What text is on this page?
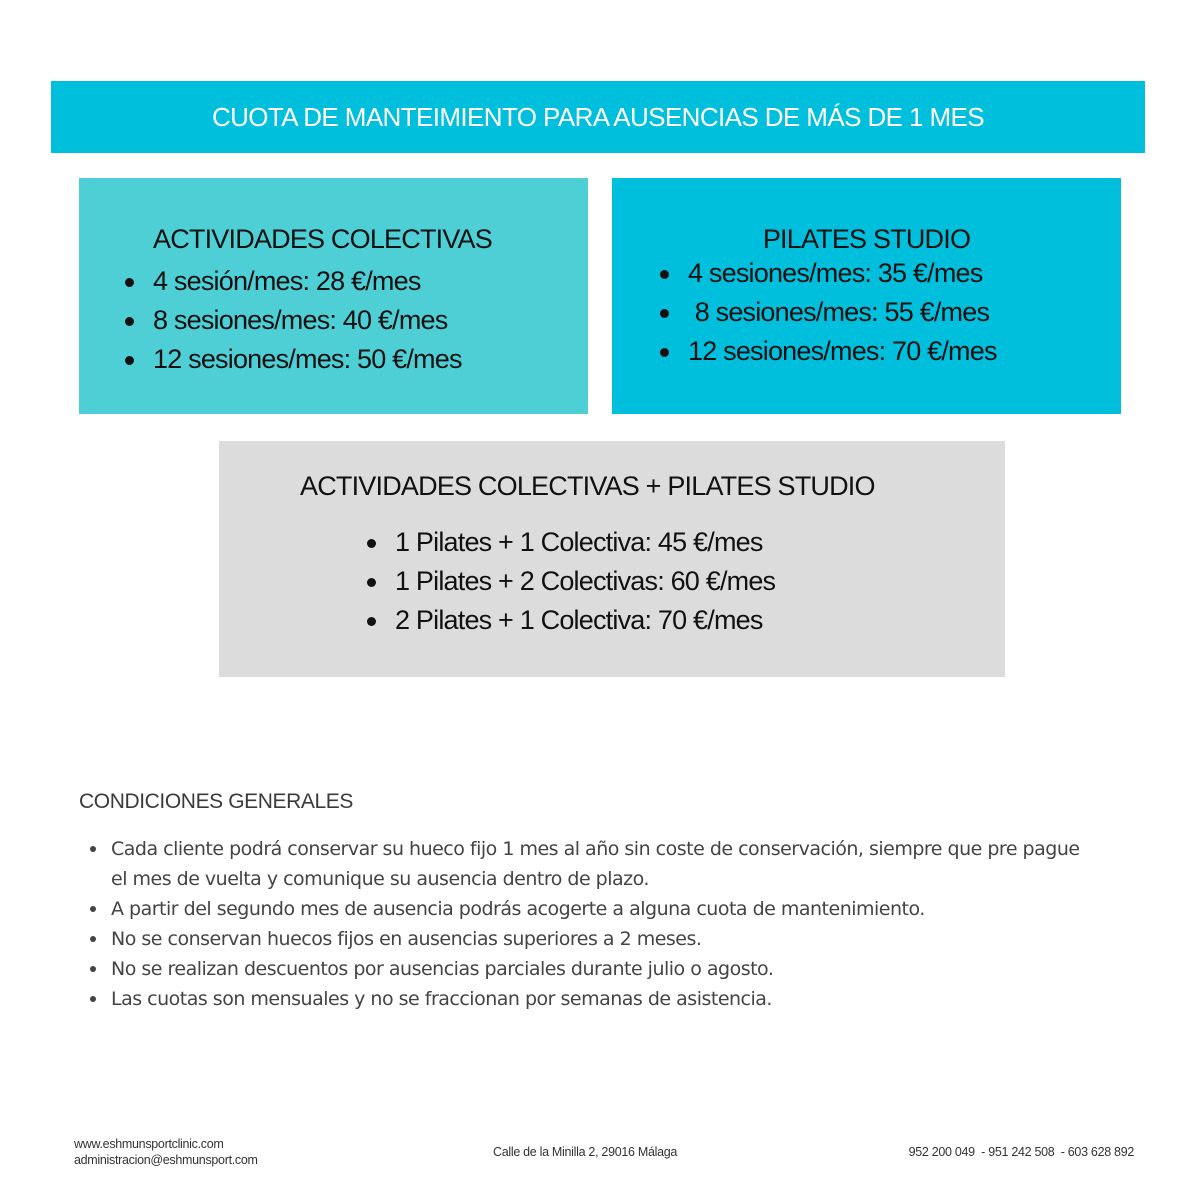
CUOTA DE MANTEIMIENTO PARA AUSENCIAS DE MÁS DE 1 MES
ACTIVIDADES COLECTIVAS
4 sesión/mes: 28 €/mes
8 sesiones/mes: 40 €/mes
12 sesiones/mes: 50 €/mes
PILATES STUDIO
4 sesiones/mes: 35 €/mes
8 sesiones/mes: 55 €/mes
12 sesiones/mes: 70 €/mes
ACTIVIDADES COLECTIVAS + PILATES STUDIO
1 Pilates + 1 Colectiva: 45 €/mes
1 Pilates + 2 Colectivas: 60 €/mes
2 Pilates + 1 Colectiva: 70 €/mes
CONDICIONES GENERALES
Cada cliente podrá conservar su hueco fijo 1 mes al año sin coste de conservación, siempre que pre pague el mes de vuelta y comunique su ausencia dentro de plazo.
A partir del segundo mes de ausencia podrás acogerte a alguna cuota de mantenimiento.
No se conservan huecos fijos en ausencias superiores a 2 meses.
No se realizan descuentos por ausencias parciales durante julio o agosto.
Las cuotas son mensuales y no se fraccionan por semanas de asistencia.
www.eshmunsportclinic.com
administracion@eshmunsport.com
Calle de la Minilla 2, 29016 Málaga	952 200 049  - 951 242 508  - 603 628 892
